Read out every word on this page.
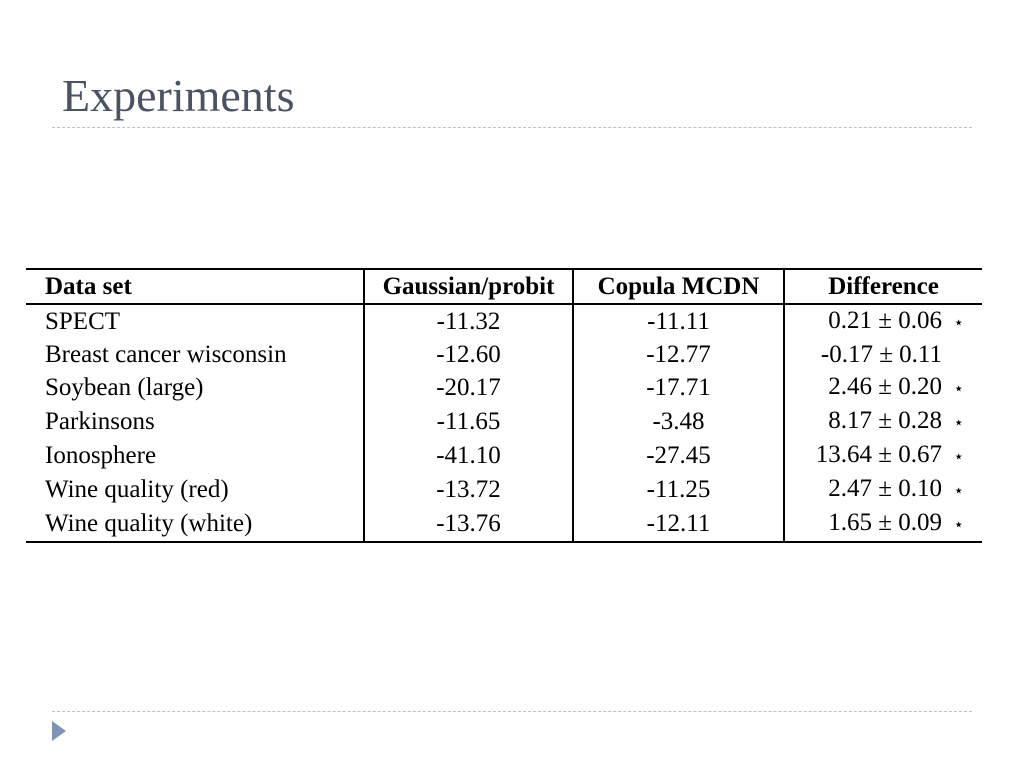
Experiments
Data set	Gaussian/probit	Copula MCDN	Difference
SPECT	-11.32	-11.11	0.21 ± 0.06 ⋆
Breast cancer wisconsin	-12.60	-12.77	-0.17 ± 0.11
Soybean (large)	-20.17	-17.71	2.46 ± 0.20 ⋆
Parkinsons	-11.65	-3.48	8.17 ± 0.28 ⋆
Ionosphere	-41.10	-27.45	13.64 ± 0.67 ⋆
Wine quality (red)	-13.72	-11.25	2.47 ± 0.10 ⋆
Wine quality (white)	-13.76	-12.11	1.65 ± 0.09 ⋆
